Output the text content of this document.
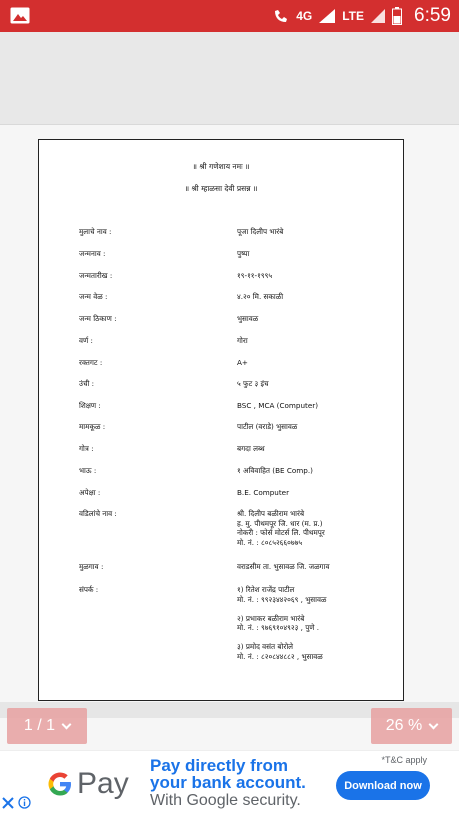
4G	LTE	6:59
॥ श्री गणेशाय नमः ॥
॥ श्री म्हाळसा देवी प्रसन्न ॥
मुलाचे नाव :	पूजा दिलीप भारंबे
जन्मनाव :	पुष्पा
जन्मतारीख :	१९-११-१९९५
जन्म वेळ :	४.२० मि. सकाळी
जन्म ठिकाण :	भुसावळ
वर्ण :	गोरा
रक्तगट :	A+
उंची :	५ फुट ३ इंच
शिक्षण :	BSC , MCA (Computer)
मामकूळ :	पाटील (वराडे) भुसावळ
गोत्र :	बगदा लब्ध
भाऊ :	१ अविवाहित (BE Comp.)
अपेक्षा :	B.E. Computer
वडिलांचे नाव :	श्री. दिलीप बळीराम भारंबे
ह. मु. पीथमपूर जि. धार (म. प्र.)
नोकरी : फोर्स मोटर्स लि. पीथमपूर
मो. नं. : ८०८५२६६०७७५
मुळगाव :	वराडसीम ता. भुसावळ जि. जळगाव
संपर्क :	१) रितेश राजेंद्र पाटील
मो. नं. : ९९२३४४२०६९ , भुसावळ

२) प्रभाकर बळीराम भारंबे
मो. नं. : ९७६९१०४९२३ , पुणे .

३) प्रमोद वसंत बोरोले
मो. नं. : ८२०८४४८८२ , भुसावळ
1 / 1	26 %
Pay
Pay directly from
your bank account.
With Google security.
*T&C apply
Download now
